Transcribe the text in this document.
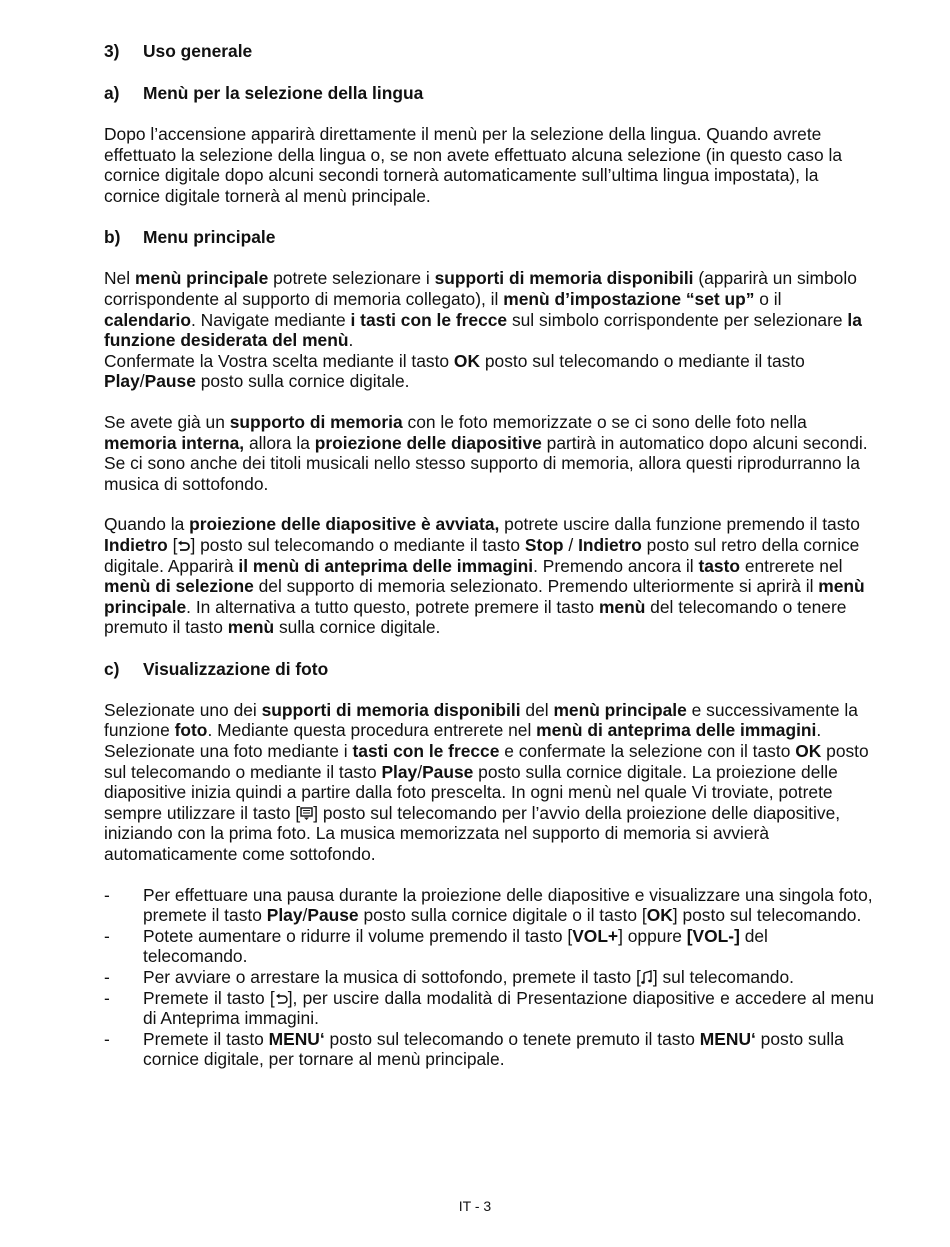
3)	Uso generale
a)	Menù per la selezione della lingua

Dopo l’accensione apparirà direttamente il menù per la selezione della lingua. Quando avrete effettuato la selezione della lingua o, se non avete effettuato alcuna selezione (in questo caso la cornice digitale dopo alcuni secondi tornerà automaticamente sull’ultima lingua impostata), la cornice digitale tornerà al menù principale.

b)	Menu principale

Nel menù principale potrete selezionare i supporti di memoria disponibili (apparirà un simbolo corrispondente al supporto di memoria collegato), il menù d’impostazione “set up” o il calendario. Navigate mediante i tasti con le frecce sul simbolo corrispondente per selezionare la funzione desiderata del menù.
Confermate la Vostra scelta mediante il tasto OK posto sul telecomando o mediante il tasto Play/Pause posto sulla cornice digitale.

Se avete già un supporto di memoria con le foto memorizzate o se ci sono delle foto nella memoria interna, allora la proiezione delle diapositive partirà in automatico dopo alcuni secondi. Se ci sono anche dei titoli musicali nello stesso supporto di memoria, allora questi riprodurranno la musica di sottofondo.

Quando la proiezione delle diapositive è avviata, potrete uscire dalla funzione premendo il tasto Indietro [ ] posto sul telecomando o mediante il tasto Stop / Indietro posto sul retro della cornice digitale. Apparirà il menù di anteprima delle immagini. Premendo ancora il tasto entrerete nel menù di selezione del supporto di memoria selezionato. Premendo ulteriormente si aprirà il menù principale. In alternativa a tutto questo, potrete premere il tasto menù del telecomando o tenere premuto il tasto menù sulla cornice digitale.

c)	Visualizzazione di foto

Selezionate uno dei supporti di memoria disponibili del menù principale e successivamente la funzione foto. Mediante questa procedura entrerete nel menù di anteprima delle immagini. Selezionate una foto mediante i tasti con le frecce e confermate la selezione con il tasto OK posto sul telecomando o mediante il tasto Play/Pause posto sulla cornice digitale. La proiezione delle diapositive inizia quindi a partire dalla foto prescelta. In ogni menù nel quale Vi troviate, potrete sempre utilizzare il tasto [ ] posto sul telecomando per l’avvio della proiezione delle diapositive, iniziando con la prima foto. La musica memorizzata nel supporto di memoria si avvierà automaticamente come sottofondo.

-	Per effettuare una pausa durante la proiezione delle diapositive e visualizzare una singola foto, premete il tasto Play/Pause posto sulla cornice digitale o il tasto [OK] posto sul telecomando.
-	Potete aumentare o ridurre il volume premendo il tasto [VOL+] oppure [VOL-] del telecomando.
-	Per avviare o arrestare la musica di sottofondo, premete il tasto [ ] sul telecomando.
-	Premete il tasto [ ], per uscire dalla modalità di Presentazione diapositive e accedere al menu di Anteprima immagini.
-	Premete il tasto MENU‘ posto sul telecomando o tenete premuto il tasto MENU‘ posto sulla cornice digitale, per tornare al menù principale.
IT - 3
